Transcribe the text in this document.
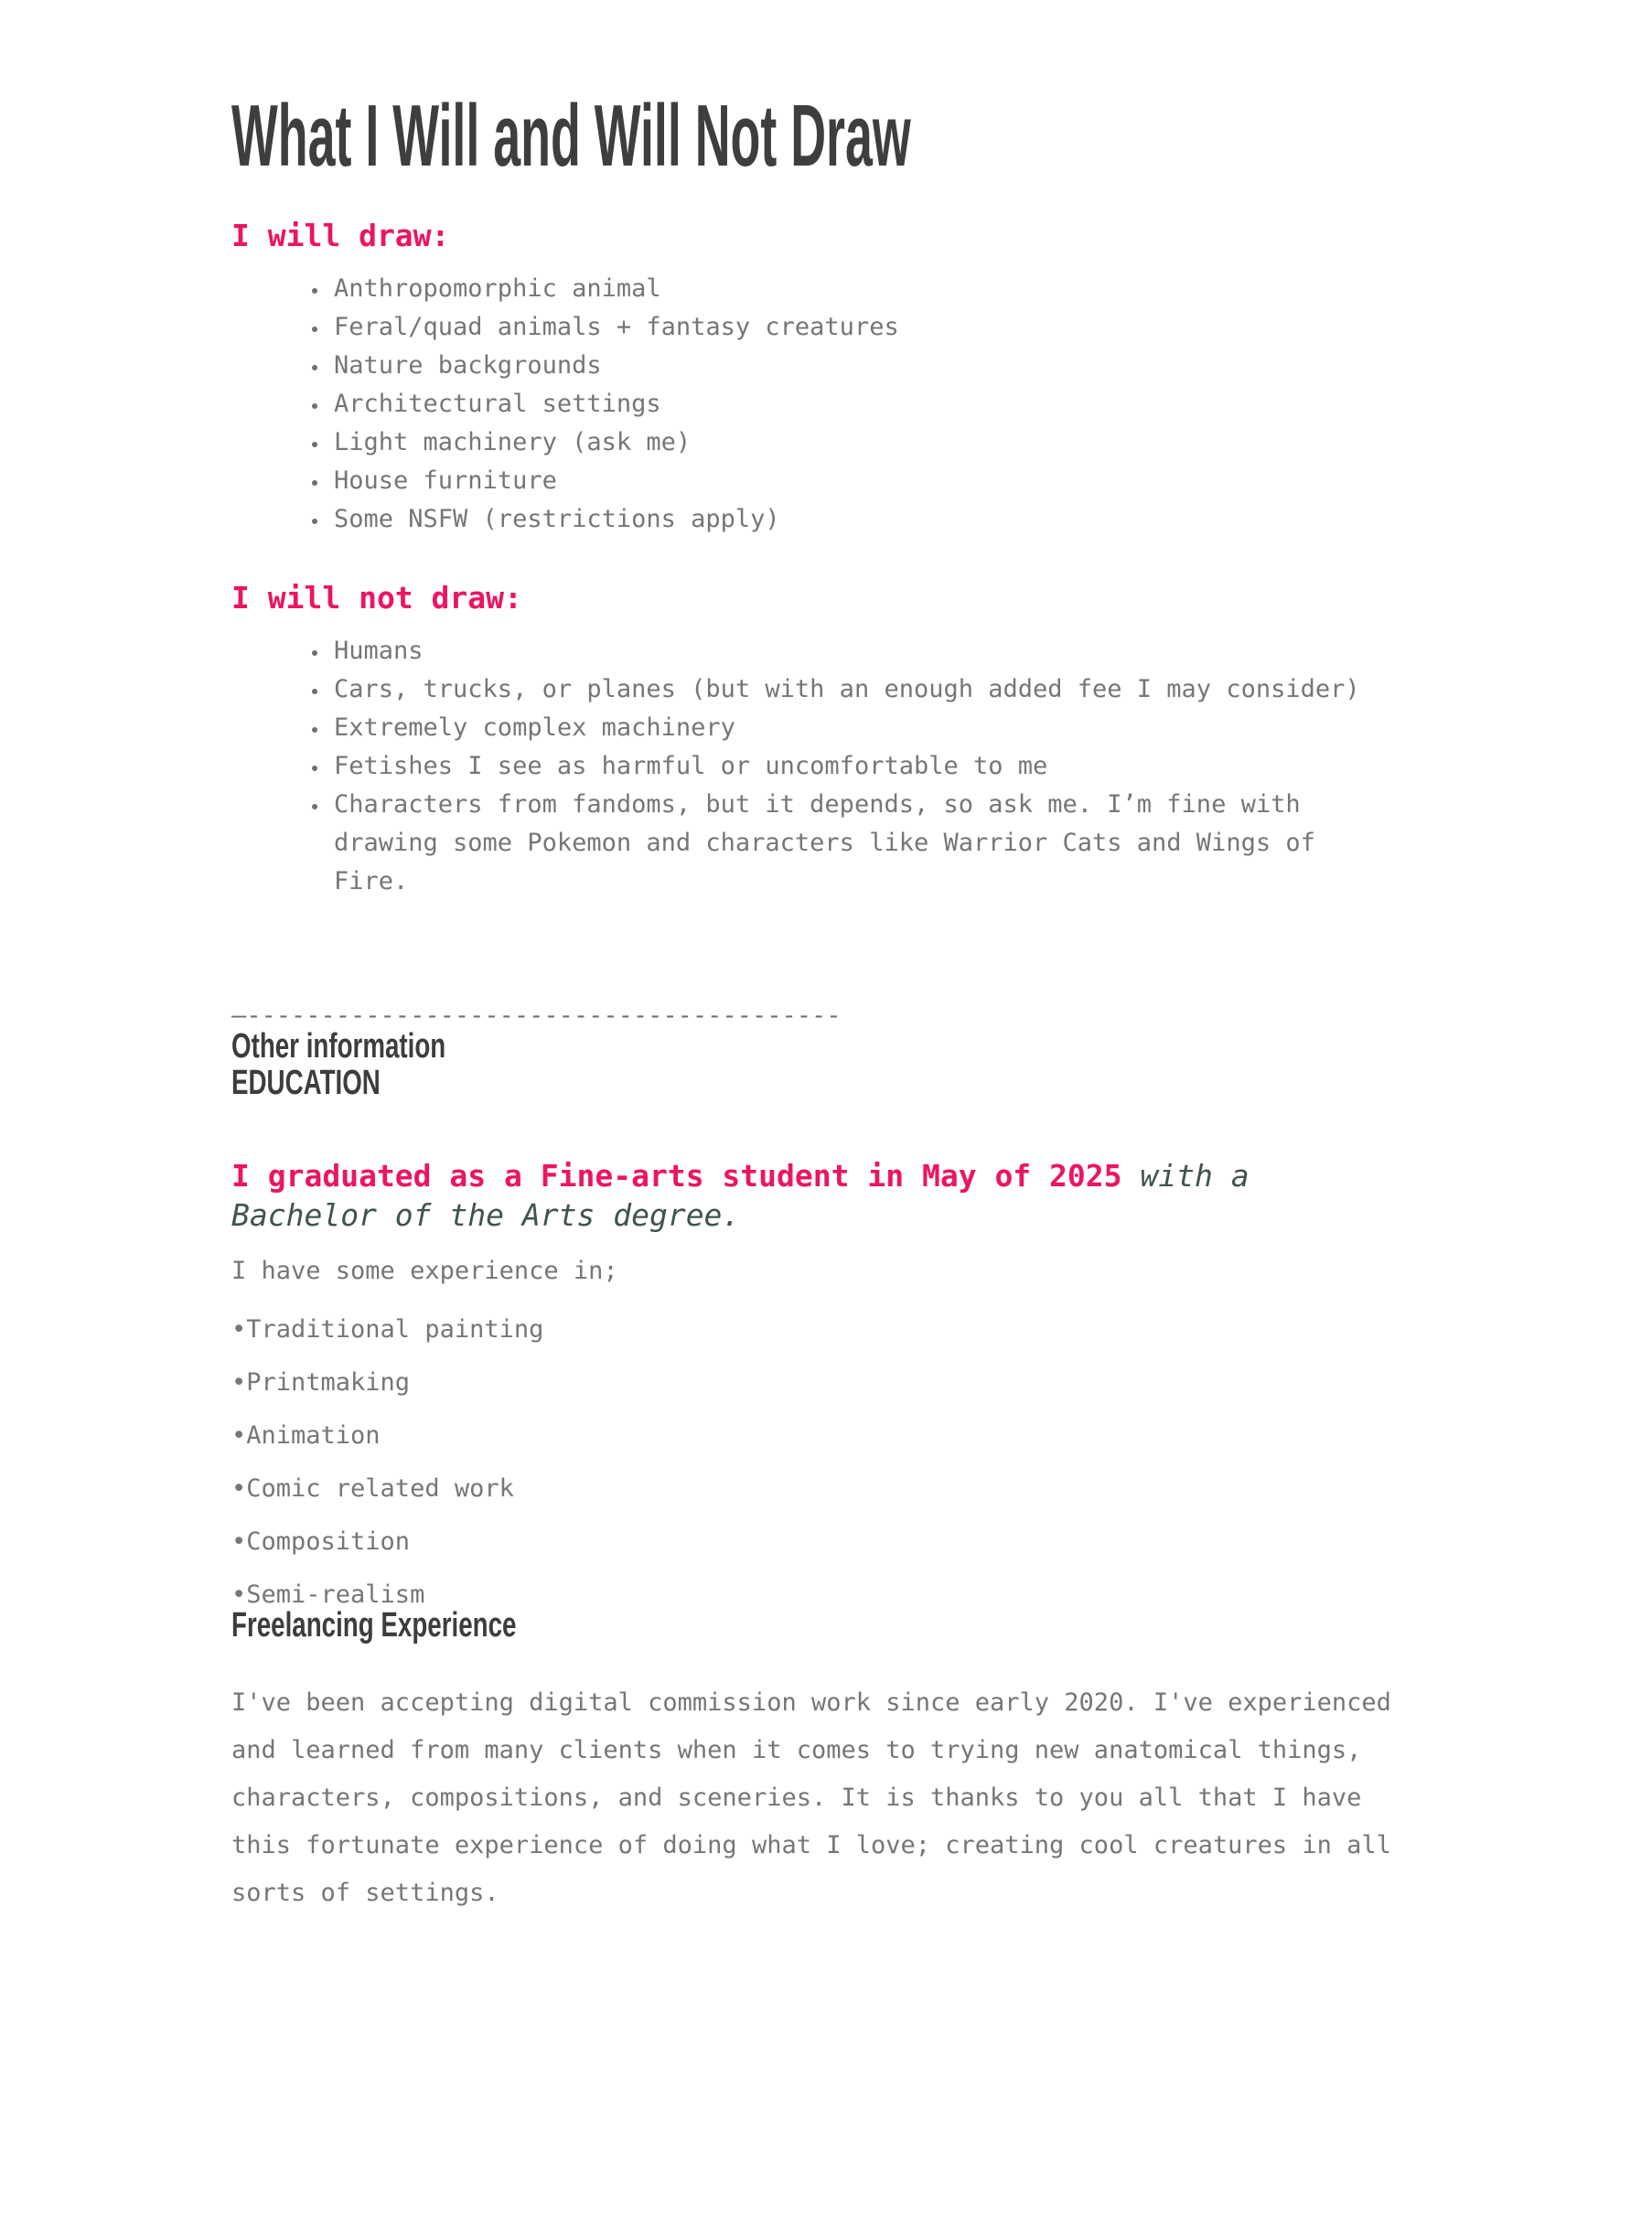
What I Will and Will Not Draw
I will draw:
• Anthropomorphic animal
• Feral/quad animals + fantasy creatures
• Nature backgrounds
• Architectural settings
• Light machinery (ask me)
• House furniture
• Some NSFW (restrictions apply)
I will not draw:
• Humans
• Cars, trucks, or planes (but with an enough added fee I may consider)
• Extremely complex machinery
• Fetishes I see as harmful or uncomfortable to me
• Characters from fandoms, but it depends, so ask me. I’m fine with drawing some Pokemon and characters like Warrior Cats and Wings of Fire.

—----------------------------------------

Other information
EDUCATION

I graduated as a Fine-arts student in May of 2025 with a Bachelor of the Arts degree.

I have some experience in;

•Traditional painting

•Printmaking

•Animation

•Comic related work

•Composition

•Semi-realism

Freelancing Experience

I've been accepting digital commission work since early 2020. I've experienced and learned from many clients when it comes to trying new anatomical things, characters, compositions, and sceneries. It is thanks to you all that I have this fortunate experience of doing what I love; creating cool creatures in all sorts of settings.
